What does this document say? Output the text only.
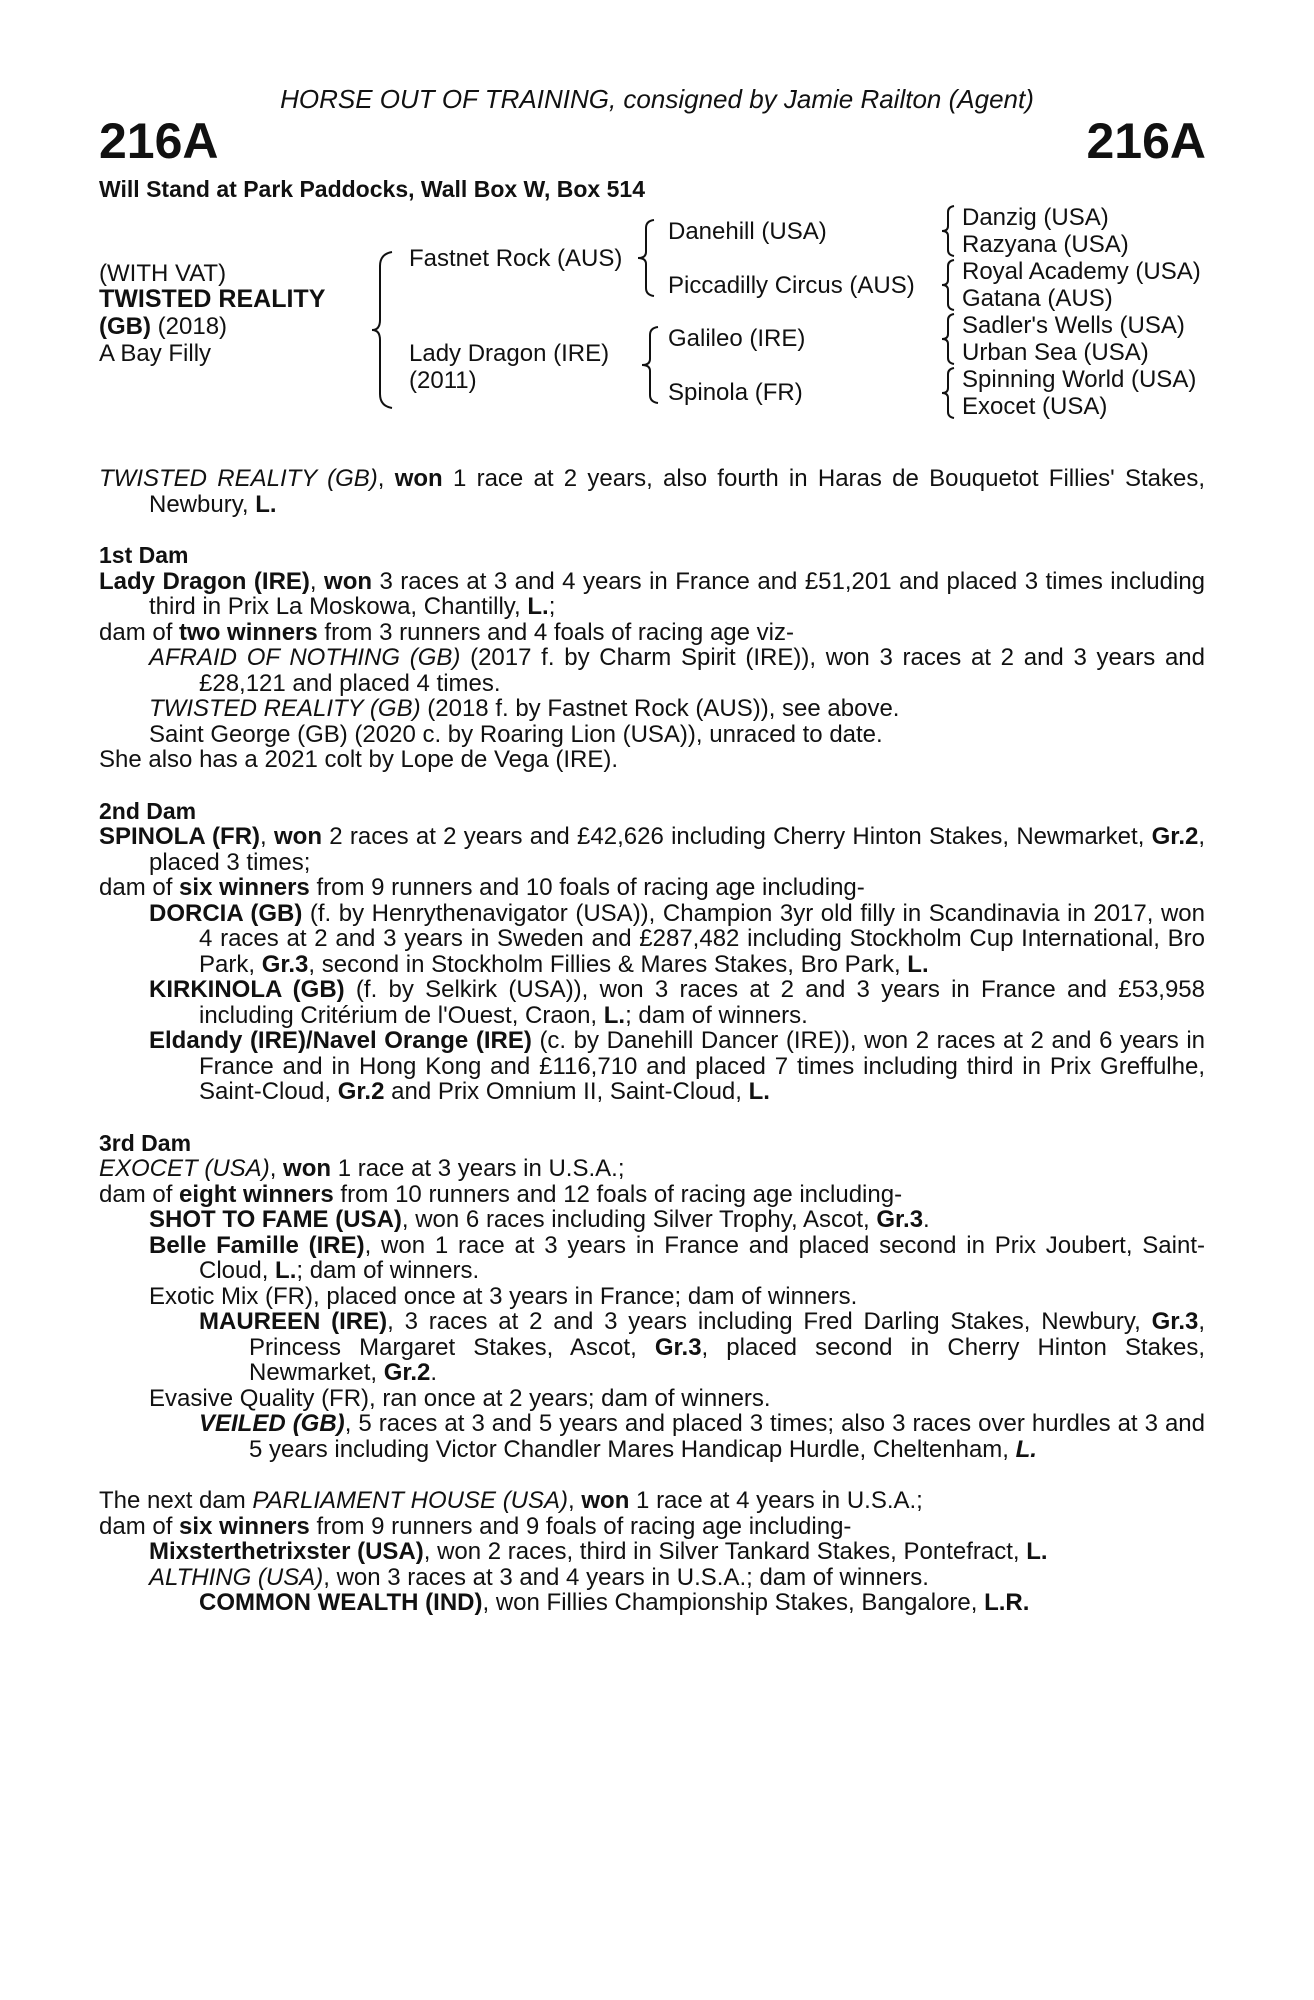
HORSE OUT OF TRAINING, consigned by Jamie Railton (Agent)
216A	216A
Will Stand at Park Paddocks, Wall Box W, Box 514
(WITH VAT)
TWISTED REALITY
(GB) (2018)
A Bay Filly
Fastnet Rock (AUS)
Lady Dragon (IRE)
(2011)
Danehill (USA)
Piccadilly Circus (AUS)
Galileo (IRE)
Spinola (FR)
Danzig (USA)
Razyana (USA)
Royal Academy (USA)
Gatana (AUS)
Sadler's Wells (USA)
Urban Sea (USA)
Spinning World (USA)
Exocet (USA)

TWISTED REALITY (GB), won 1 race at 2 years, also fourth in Haras de Bouquetot Fillies' Stakes, Newbury, L.

1st Dam

Lady Dragon (IRE), won 3 races at 3 and 4 years in France and £51,201 and placed 3 times including third in Prix La Moskowa, Chantilly, L.;

dam of two winners from 3 runners and 4 foals of racing age viz-

AFRAID OF NOTHING (GB) (2017 f. by Charm Spirit (IRE)), won 3 races at 2 and 3 years and £28,121 and placed 4 times.

TWISTED REALITY (GB) (2018 f. by Fastnet Rock (AUS)), see above.

Saint George (GB) (2020 c. by Roaring Lion (USA)), unraced to date.

She also has a 2021 colt by Lope de Vega (IRE).

2nd Dam

SPINOLA (FR), won 2 races at 2 years and £42,626 including Cherry Hinton Stakes, Newmarket, Gr.2, placed 3 times;

dam of six winners from 9 runners and 10 foals of racing age including-

DORCIA (GB) (f. by Henrythenavigator (USA)), Champion 3yr old filly in Scandinavia in 2017, won 4 races at 2 and 3 years in Sweden and £287,482 including Stockholm Cup International, Bro Park, Gr.3, second in Stockholm Fillies & Mares Stakes, Bro Park, L.

KIRKINOLA (GB) (f. by Selkirk (USA)), won 3 races at 2 and 3 years in France and £53,958 including Critérium de l'Ouest, Craon, L.; dam of winners.

Eldandy (IRE)/Navel Orange (IRE) (c. by Danehill Dancer (IRE)), won 2 races at 2 and 6 years in France and in Hong Kong and £116,710 and placed 7 times including third in Prix Greffulhe, Saint-Cloud, Gr.2 and Prix Omnium II, Saint-Cloud, L.

3rd Dam

EXOCET (USA), won 1 race at 3 years in U.S.A.;

dam of eight winners from 10 runners and 12 foals of racing age including-

SHOT TO FAME (USA), won 6 races including Silver Trophy, Ascot, Gr.3.

Belle Famille (IRE), won 1 race at 3 years in France and placed second in Prix Joubert, Saint-Cloud, L.; dam of winners.

Exotic Mix (FR), placed once at 3 years in France; dam of winners.

MAUREEN (IRE), 3 races at 2 and 3 years including Fred Darling Stakes, Newbury, Gr.3, Princess Margaret Stakes, Ascot, Gr.3, placed second in Cherry Hinton Stakes, Newmarket, Gr.2.

Evasive Quality (FR), ran once at 2 years; dam of winners.

VEILED (GB), 5 races at 3 and 5 years and placed 3 times; also 3 races over hurdles at 3 and 5 years including Victor Chandler Mares Handicap Hurdle, Cheltenham, L.

The next dam PARLIAMENT HOUSE (USA), won 1 race at 4 years in U.S.A.;

dam of six winners from 9 runners and 9 foals of racing age including-

Mixsterthetrixster (USA), won 2 races, third in Silver Tankard Stakes, Pontefract, L.

ALTHING (USA), won 3 races at 3 and 4 years in U.S.A.; dam of winners.

COMMON WEALTH (IND), won Fillies Championship Stakes, Bangalore, L.R.
